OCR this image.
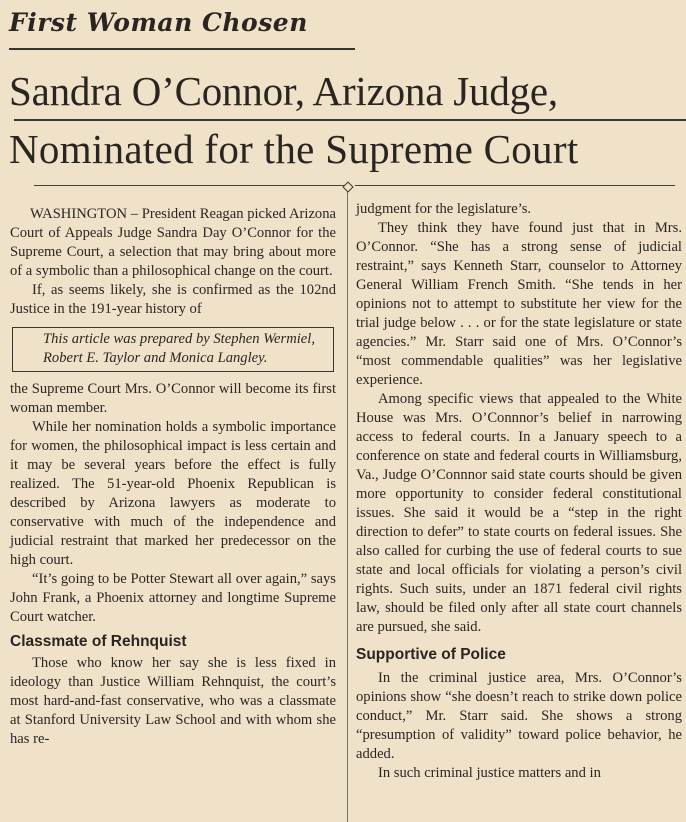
First Woman Chosen
Sandra O’Connor, Arizona Judge,
Nominated for the Supreme Court

WASHINGTON – President Reagan picked Arizona Court of Appeals Judge Sandra Day O’Connor for the Supreme Court, a selection that may bring about more of a symbolic than a philosophical change on the court.

If, as seems likely, she is confirmed as the 102nd Justice in the 191-year history of

This article was prepared by Stephen Wermiel, Robert E. Taylor and Monica Langley.

the Supreme Court Mrs. O’Connor will become its first woman member.

While her nomination holds a symbolic importance for women, the philosophical impact is less certain and it may be several years before the effect is fully realized. The 51-year-old Phoenix Republican is described by Arizona lawyers as moderate to conservative with much of the independence and judicial restraint that marked her predecessor on the high court.

“It’s going to be Potter Stewart all over again,” says John Frank, a Phoenix attorney and longtime Supreme Court watcher.

Classmate of Rehnquist

Those who know her say she is less fixed in ideology than Justice William Rehnquist, the court’s most hard-and-fast conservative, who was a classmate at Stanford University Law School and with whom she has re-

judgment for the legislature’s.

They think they have found just that in Mrs. O’Connor. “She has a strong sense of judicial restraint,” says Kenneth Starr, counselor to Attorney General William French Smith. “She tends in her opinions not to attempt to substitute her view for the trial judge below . . . or for the state legislature or state agencies.” Mr. Starr said one of Mrs. O’Connor’s “most commendable qualities” was her legislative experience.

Among specific views that appealed to the White House was Mrs. O’Connnor’s belief in narrowing access to federal courts. In a January speech to a conference on state and federal courts in Williamsburg, Va., Judge O’Connnor said state courts should be given more opportunity to consider federal constitutional issues. She said it would be a “step in the right direction to defer” to state courts on federal issues. She also called for curbing the use of federal courts to sue state and local officials for violating a person’s civil rights. Such suits, under an 1871 federal civil rights law, should be filed only after all state court channels are pursued, she said.

Supportive of Police

In the criminal justice area, Mrs. O’Connor’s opinions show “she doesn’t reach to strike down police conduct,” Mr. Starr said. She shows a strong “presumption of validity” toward police behavior, he added.

In such criminal justice matters and in
